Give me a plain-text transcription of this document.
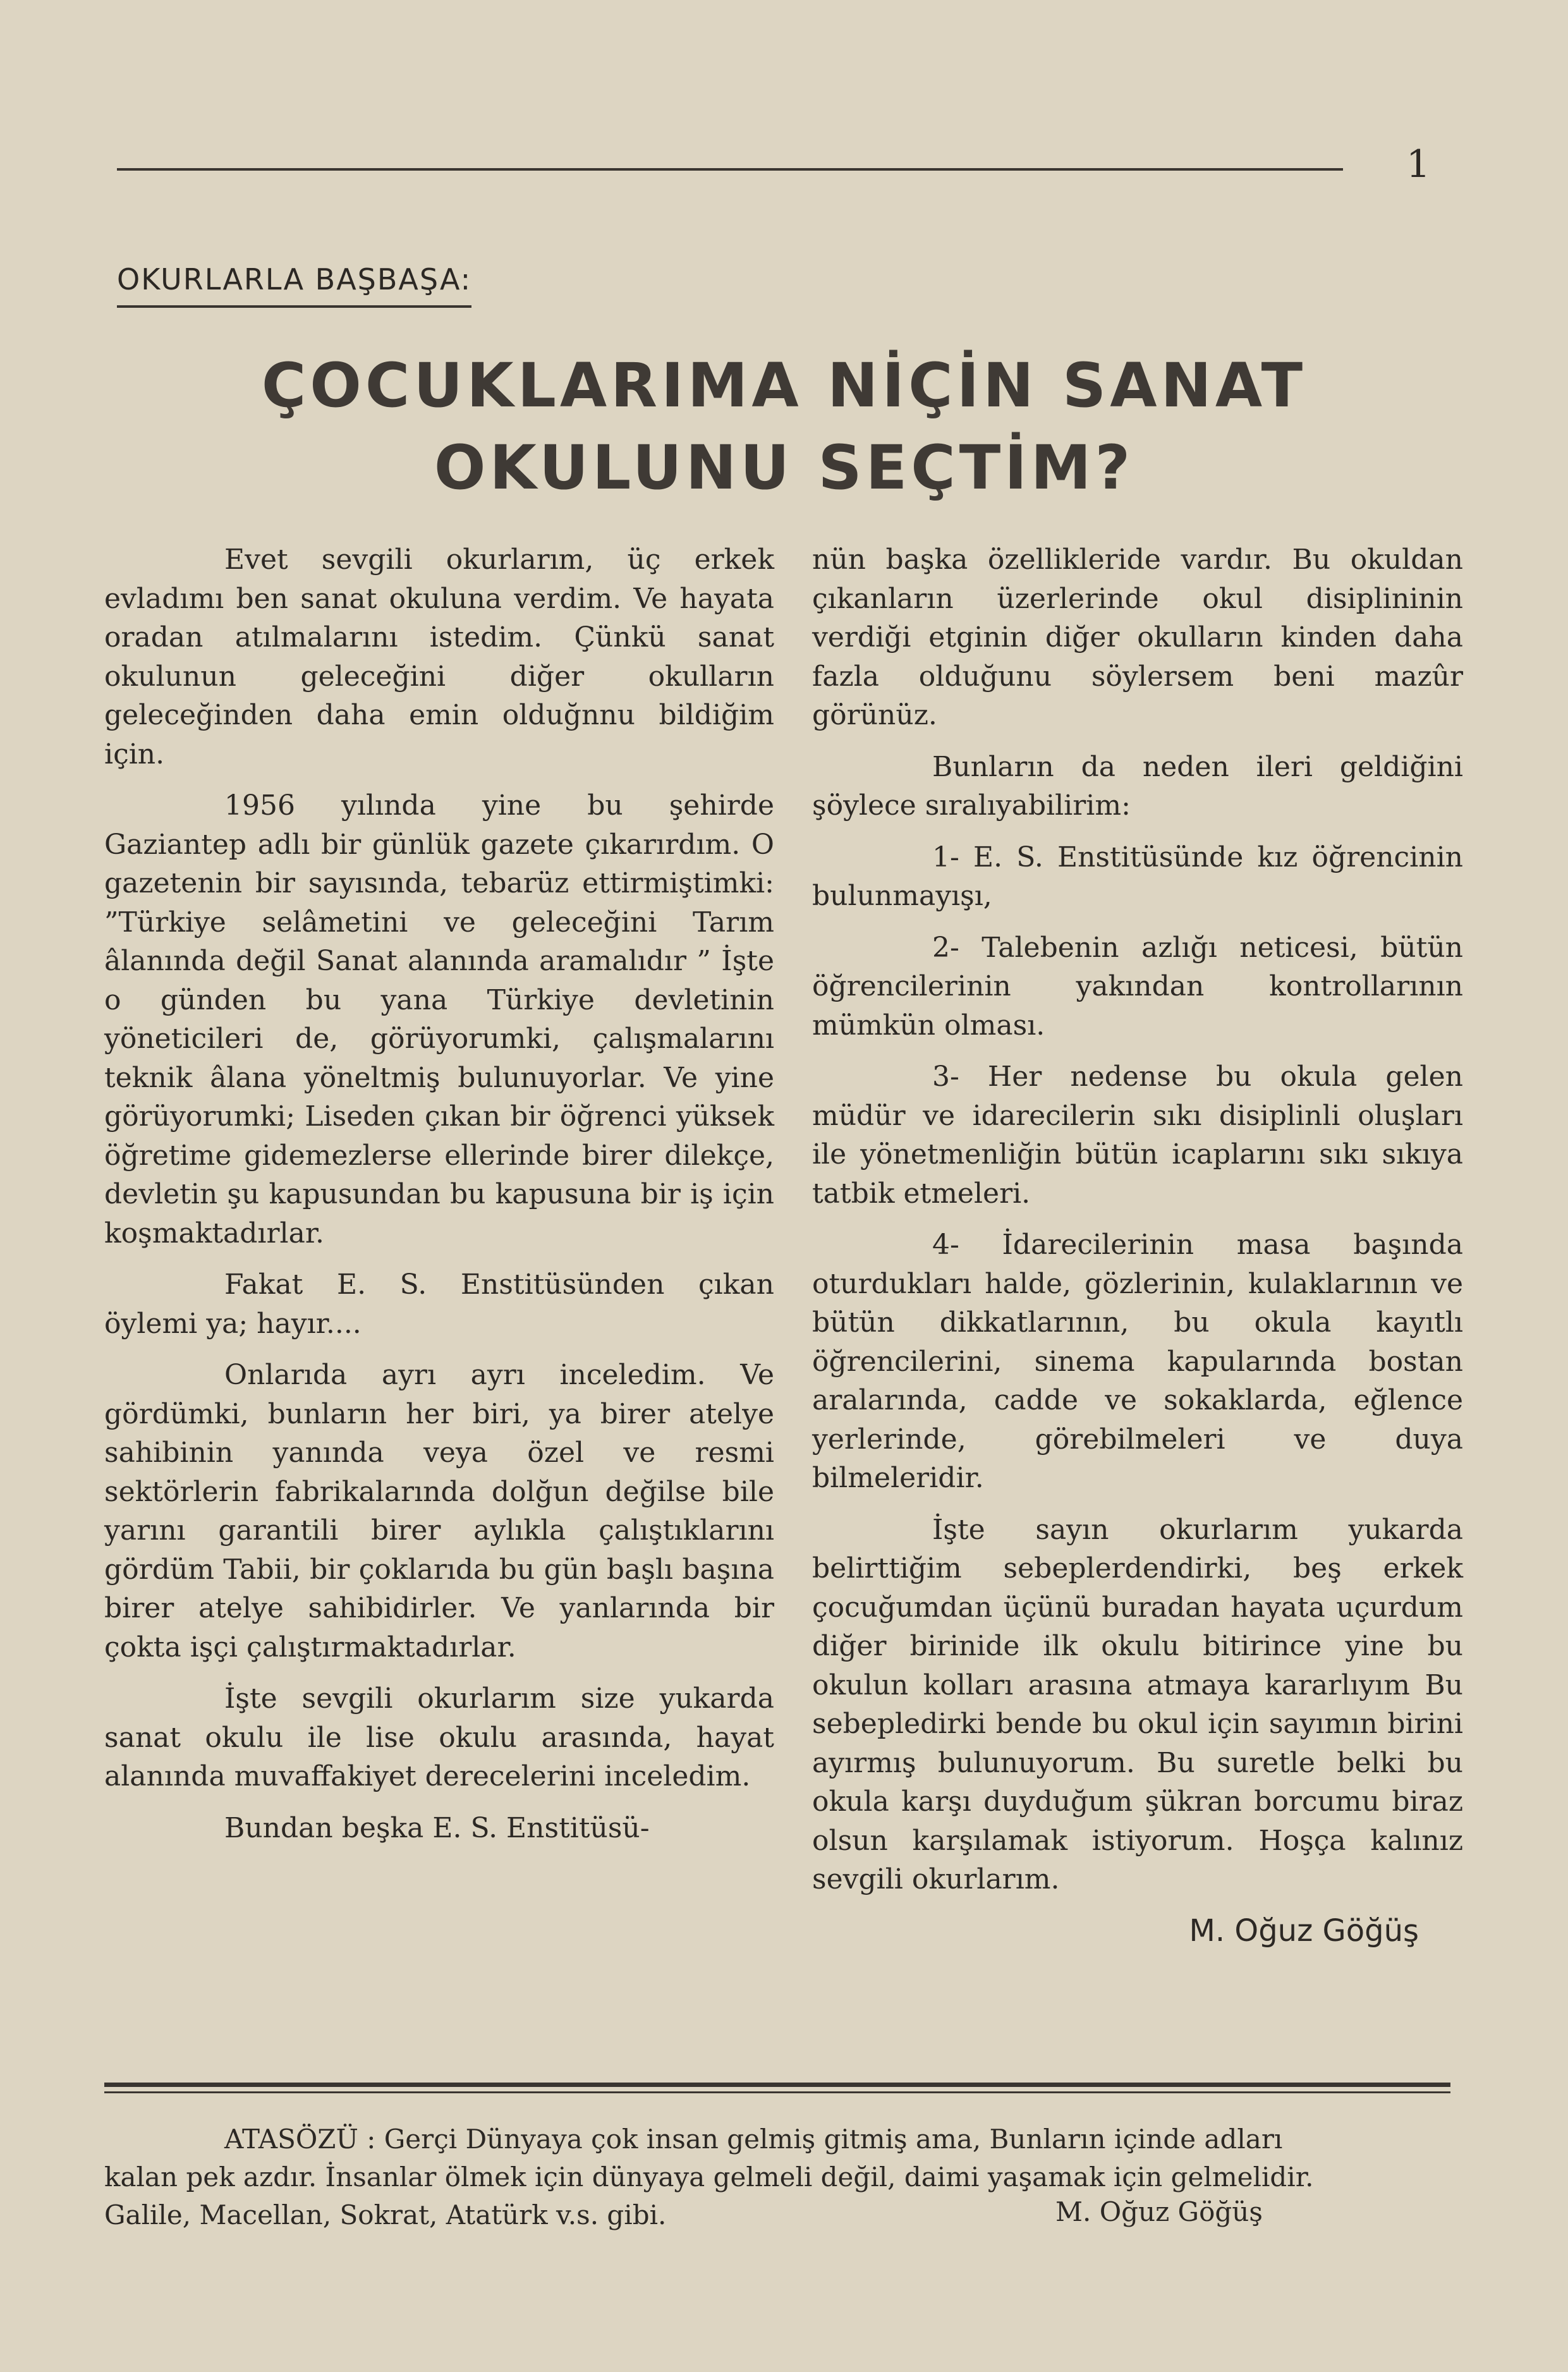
1
OKURLARLA BAŞBAŞA:
ÇOCUKLARIMA NİÇİN SANAT
OKULUNU SEÇTİM?

Evet sevgili okurlarım, üç erkek evladımı ben sanat okuluna verdim. Ve hayata oradan atılmalarını istedim. Çünkü sanat okulunun geleceğini diğer okulların geleceğinden daha emin olduğnnu bildiğim için.

1956 yılında yine bu şehirde Gaziantep adlı bir günlük gazete çıkarırdım. O gazetenin bir sayısında, tebarüz ettirmiştimki: ”Türkiye selâmetini ve geleceğini Tarım âlanında değil Sanat alanında aramalıdır ” İşte o günden bu yana Türkiye devletinin yöneticileri de, görüyorumki, çalışmalarını teknik âlana yöneltmiş bulunuyorlar. Ve yine görüyorumki; Liseden çıkan bir öğrenci yüksek öğretime gidemezlerse ellerinde birer dilekçe, devletin şu kapusundan bu kapusuna bir iş için koşmaktadırlar.

Fakat E. S. Enstitüsünden çıkan öylemi ya; hayır....

Onlarıda ayrı ayrı inceledim. Ve gördümki, bunların her biri, ya birer atelye sahibinin yanında veya özel ve resmi sektörlerin fabrikalarında dolğun değilse bile yarını garantili birer aylıkla çalıştıklarını gördüm Tabii, bir çoklarıda bu gün başlı başına birer atelye sahibidirler. Ve yanlarında bir çokta işçi çalıştırmaktadırlar.

İşte sevgili okurlarım size yukarda sanat okulu ile lise okulu arasında, hayat alanında muvaffakiyet derecelerini inceledim.

Bundan beşka E. S. Enstitüsü-

nün başka özellikleride vardır. Bu okuldan çıkanların üzerlerinde okul disiplininin verdiği etginin diğer okulların kinden daha fazla olduğunu söylersem beni mazûr görünüz.

Bunların da neden ileri geldiğini şöylece sıralıyabilirim:

1- E. S. Enstitüsünde kız öğrencinin bulunmayışı,

2- Talebenin azlığı neticesi, bütün öğrencilerinin yakından kontrollarının mümkün olması.

3- Her nedense bu okula gelen müdür ve idarecilerin sıkı disiplinli oluşları ile yönetmenliğin bütün icaplarını sıkı sıkıya tatbik etmeleri.

4- İdarecilerinin masa başında oturdukları halde, gözlerinin, kulaklarının ve bütün dikkatlarının, bu okula kayıtlı öğrencilerini, sinema kapularında bostan aralarında, cadde ve sokaklarda, eğlence yerlerinde, görebilmeleri ve duya bilmeleridir.

İşte sayın okurlarım yukarda belirttiğim sebeplerdendirki, beş erkek çocuğumdan üçünü buradan hayata uçurdum diğer birinide ilk okulu bitirince yine bu okulun kolları arasına atmaya kararlıyım Bu sebepledirki bende bu okul için sayımın birini ayırmış bulunuyorum. Bu suretle belki bu okula karşı duyduğum şükran borcumu biraz olsun karşılamak istiyorum. Hoşça kalınız sevgili okurlarım.

M. Oğuz Göğüş

ATASÖZÜ : Gerçi Dünyaya çok insan gelmiş gitmiş ama, Bunların içinde adları
kalan pek azdır. İnsanlar ölmek için dünyaya gelmeli değil, daimi yaşamak için gelmelidir.
Galile, Macellan, Sokrat, Atatürk v.s. gibi.	M. Oğuz Göğüş
